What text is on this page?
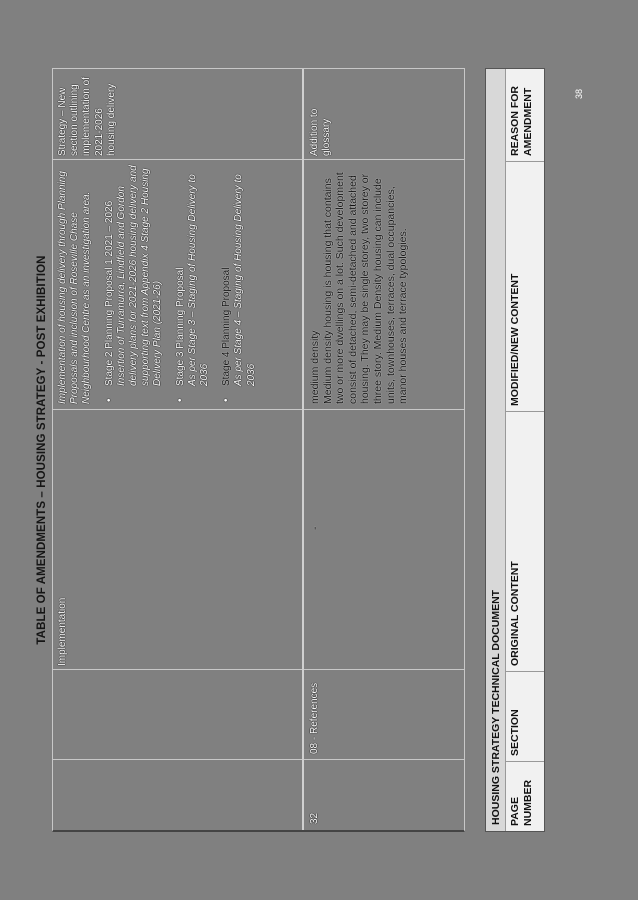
TABLE OF AMENDMENTS – HOUSING STRATEGY - POST EXHIBITION Implementation

Implementation of housing delivery through Planning Proposals and inclusion of Roseville Chase Neighbourhood Centre as an investigation area. • Stage 2 Planning Proposal 1 2021 – 2026 Insertion of Turramurra, Lindfield and Gordon delivery plans for 2021-2026 housing delivery and supporting text from Appendix 4 Stage 2 Housing Delivery Plan (2021-26) • Stage 3 Planning Proposal As per Stage 3 – Staging of Housing Delivery to 2036 • Stage 4 Planning Proposal As per Stage 4 – Staging of Housing Delivery to 2036

Strategy – New section outlining implementation of 2021-2026 housing delivery
32
08 - References
-

medium density Medium density housing is housing that contains two or more dwellings on a lot. Such development consist of detached, semi-detached and attached housing. They may be single storey, two storey or three story. Medium Density housing can include units, townhouses, terraces, dual occupancies, manor houses and terrace typologies.

Addition to glossary
HOUSING STRATEGY TECHNICAL DOCUMENT PAGE NUMBER
SECTION
ORIGINAL CONTENT
MODIFIED/NEW CONTENT
REASON FOR AMENDMENT	38
